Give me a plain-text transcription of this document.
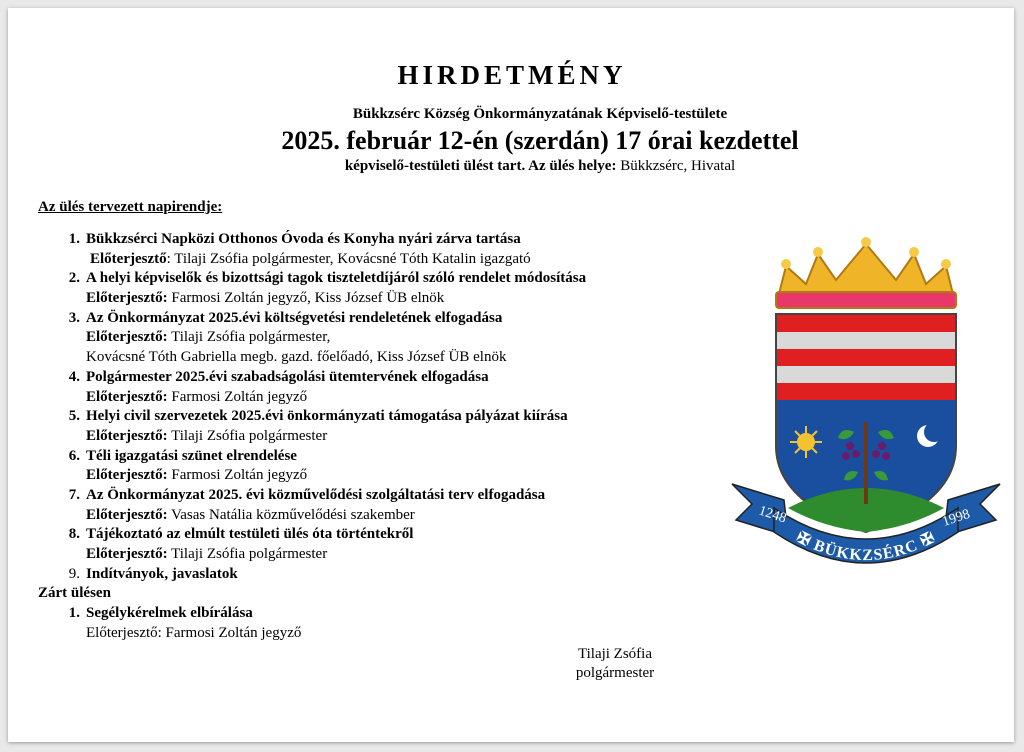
HIRDETMÉNY
Bükkzsérc Község Önkormányzatának Képviselő-testülete
2025. február 12-én (szerdán) 17 órai kezdettel
képviselő-testületi ülést tart. Az ülés helye: Bükkzsérc, Hivatal
Az ülés tervezett napirendje:
1. Bükkzsérci Napközi Otthonos Óvoda és Konyha nyári zárva tartása
Előterjesztő: Tilaji Zsófia polgármester, Kovácsné Tóth Katalin igazgató
2. A helyi képviselők és bizottsági tagok tiszteletdíjáról szóló rendelet módosítása
Előterjesztő: Farmosi Zoltán jegyző, Kiss József ÜB elnök
3. Az Önkormányzat 2025.évi költségvetési rendeletének elfogadása
Előterjesztő: Tilaji Zsófia polgármester,
Kovácsné Tóth Gabriella megb. gazd. főelőadó, Kiss József ÜB elnök
4. Polgármester 2025.évi szabadságolási ütemtervének elfogadása
Előterjesztő: Farmosi Zoltán jegyző
5. Helyi civil szervezetek 2025.évi önkormányzati támogatása pályázat kiírása
Előterjesztő: Tilaji Zsófia polgármester
6. Téli igazgatási szünet elrendelése
Előterjesztő: Farmosi Zoltán jegyző
7. Az Önkormányzat 2025. évi közművelődési szolgáltatási terv elfogadása
Előterjesztő: Vasas Natália közművelődési szakember
8. Tájékoztató az elmúlt testületi ülés óta történtekről
Előterjesztő: Tilaji Zsófia polgármester
9. Indítványok, javaslatok
Zárt ülésen
1. Segélykérelmek elbírálása
Előterjesztő: Farmosi Zoltán jegyző
Tilaji Zsófia
polgármester
✠ BÜKKZSÉRC ✠
1248	1998
